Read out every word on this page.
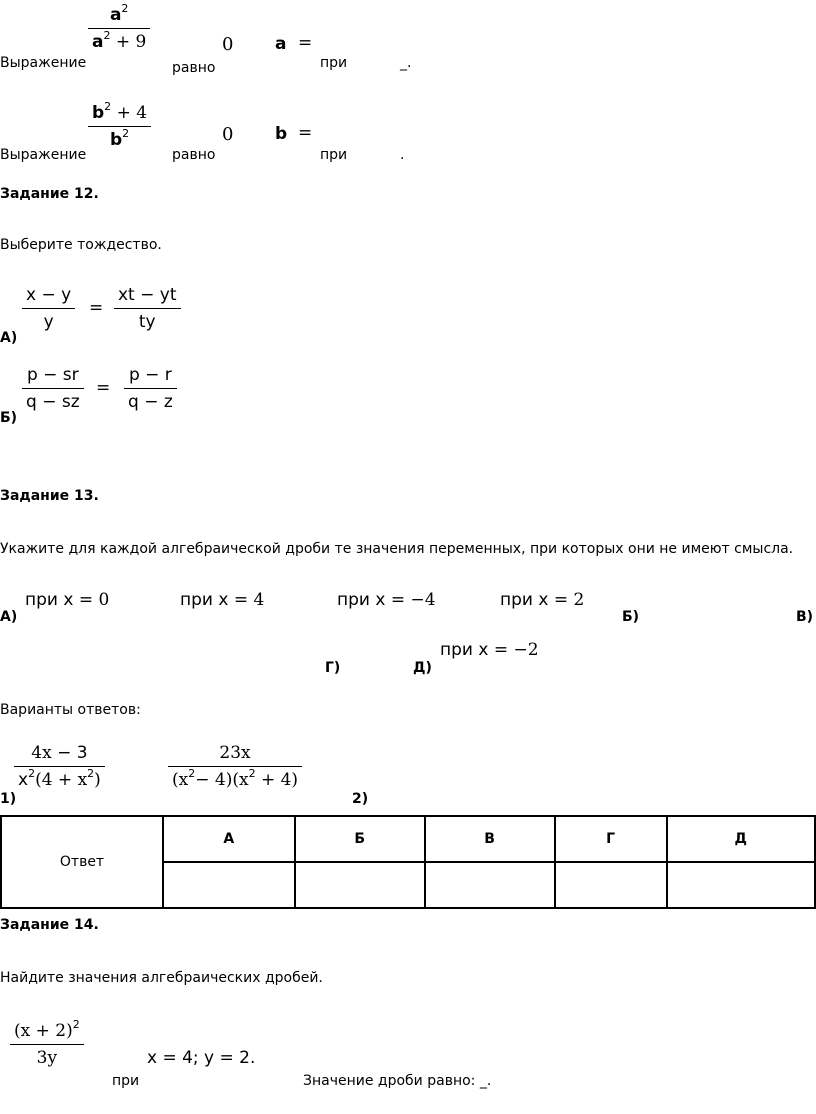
Выражение
$a^2$
$a^2 + 9$
равно
0 a =
при	_.
Выражение
$b^2 + 4$
$b^2$
равно
0 b =
при	.
Задание 12.
Выберите тождество.
А)
x − y
y
=
xt − yt
ty
Б)
p − sr
q − sz
=
p − r
q − z
Задание 13.
Укажите для каждой алгебраической дроби те значения переменных, при которых они не имеют смысла.
А)
при x = 0	при x = 4	при x = −4	при x = 2
Б)	В)
Г)	Д)
при x = −2
Варианты ответов:
1)
4x − 3
$x^2(4 + x^2)$
2)
23x
$(x^2- 4)(x^2 + 4)$
Ответ	А	Б	В	Г	Д

Задание 14.
Найдите значения алгебраических дробей.
$(x + 2)^2$
3y
при
x = 4; y = 2.
Значение дроби равно: _.
